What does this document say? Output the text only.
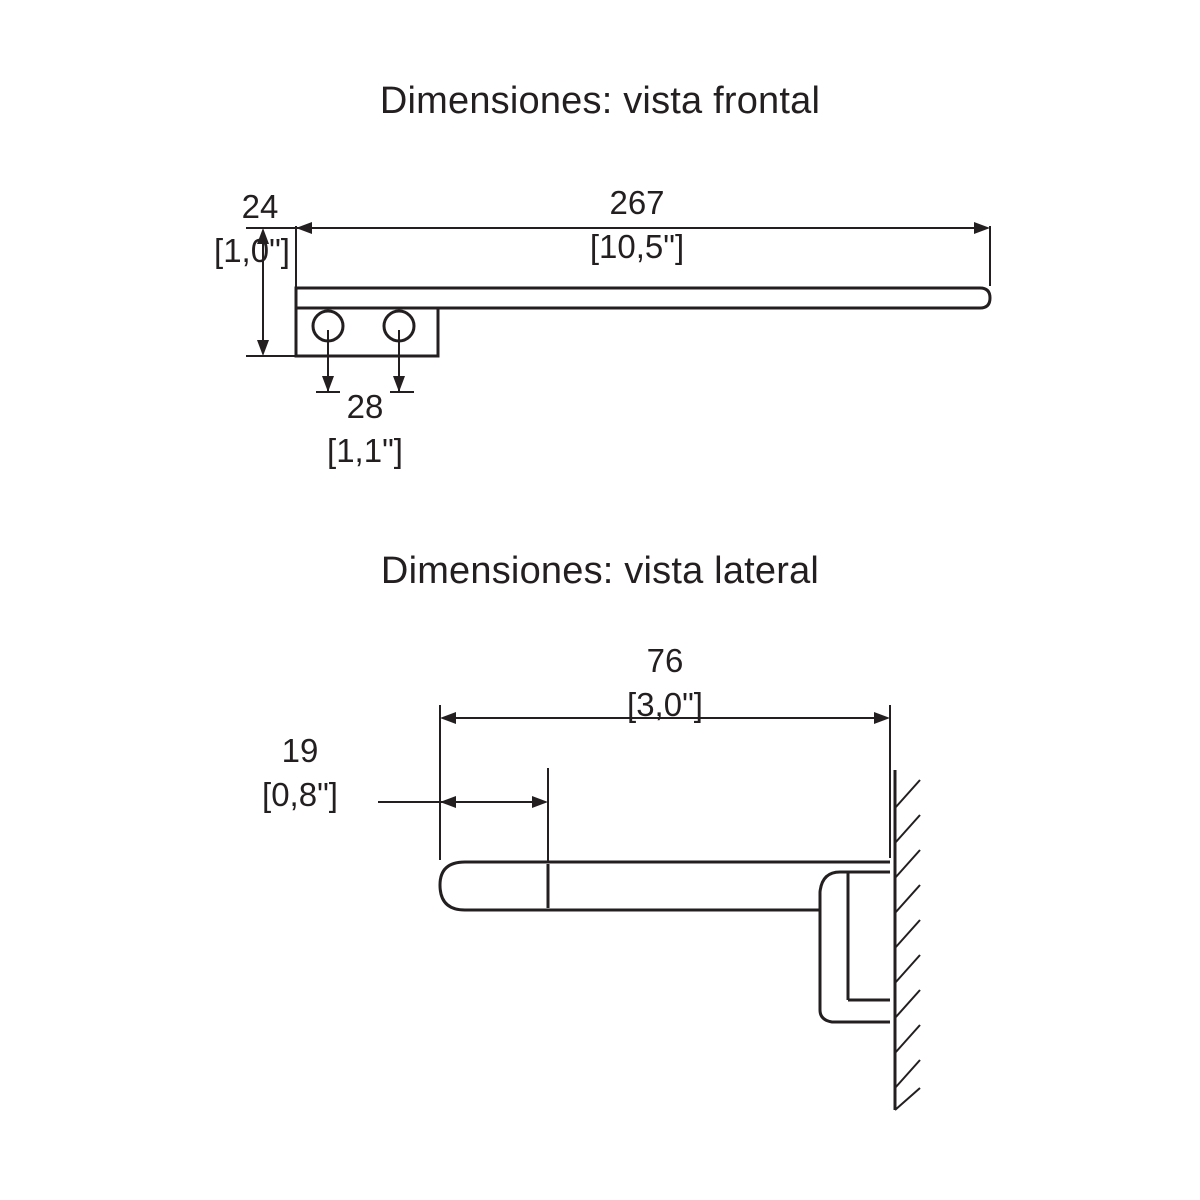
Dimensiones: vista frontal
Dimensiones: vista lateral
24
[1,0"]
267
[10,5"]
28
[1,1"]
76
[3,0"]
19
[0,8"]
